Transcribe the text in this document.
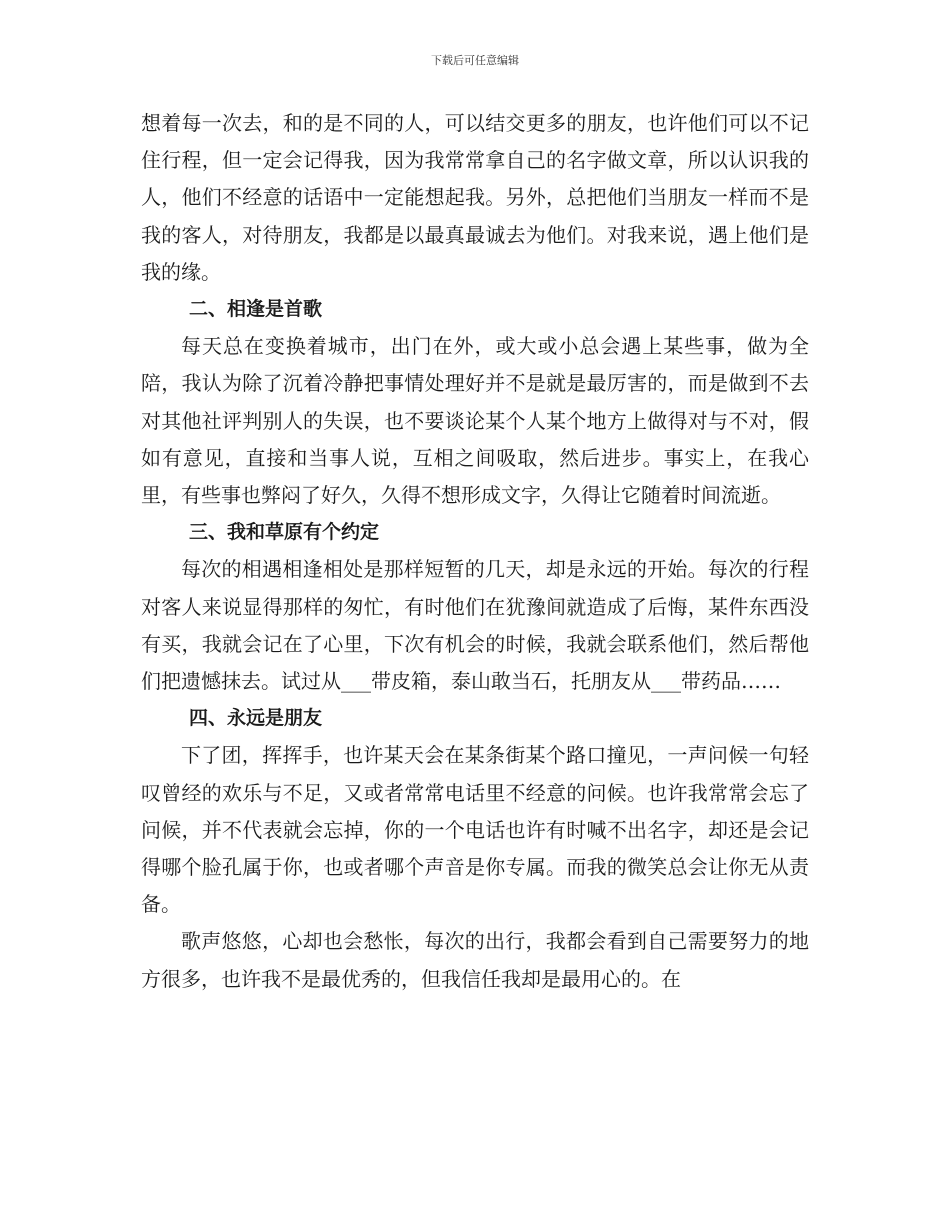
下载后可任意编辑

想着每一次去，和的是不同的人，可以结交更多的朋友，也许他们可以不记住行程，但一定会记得我，因为我常常拿自己的名字做文章，所以认识我的人，他们不经意的话语中一定能想起我。另外，总把他们当朋友一样而不是我的客人，对待朋友，我都是以最真最诚去为他们。对我来说，遇上他们是我的缘。

二、相逢是首歌

每天总在变换着城市，出门在外，或大或小总会遇上某些事，做为全陪，我认为除了沉着冷静把事情处理好并不是就是最厉害的，而是做到不去对其他社评判别人的失误，也不要谈论某个人某个地方上做得对与不对，假如有意见，直接和当事人说，互相之间吸取，然后进步。事实上，在我心里，有些事也弊闷了好久，久得不想形成文字，久得让它随着时间流逝。

三、我和草原有个约定

每次的相遇相逢相处是那样短暂的几天，却是永远的开始。每次的行程对客人来说显得那样的匆忙，有时他们在犹豫间就造成了后悔，某件东西没有买，我就会记在了心里，下次有机会的时候，我就会联系他们，然后帮他们把遗憾抹去。试过从___带皮箱，泰山敢当石，托朋友从___带药品……

四、永远是朋友

下了团，挥挥手，也许某天会在某条街某个路口撞见，一声问候一句轻叹曾经的欢乐与不足，又或者常常电话里不经意的问候。也许我常常会忘了问候，并不代表就会忘掉，你的一个电话也许有时喊不出名字，却还是会记得哪个脸孔属于你，也或者哪个声音是你专属。而我的微笑总会让你无从责备。

歌声悠悠，心却也会愁怅，每次的出行，我都会看到自己需要努力的地方很多，也许我不是最优秀的，但我信任我却是最用心的。在
